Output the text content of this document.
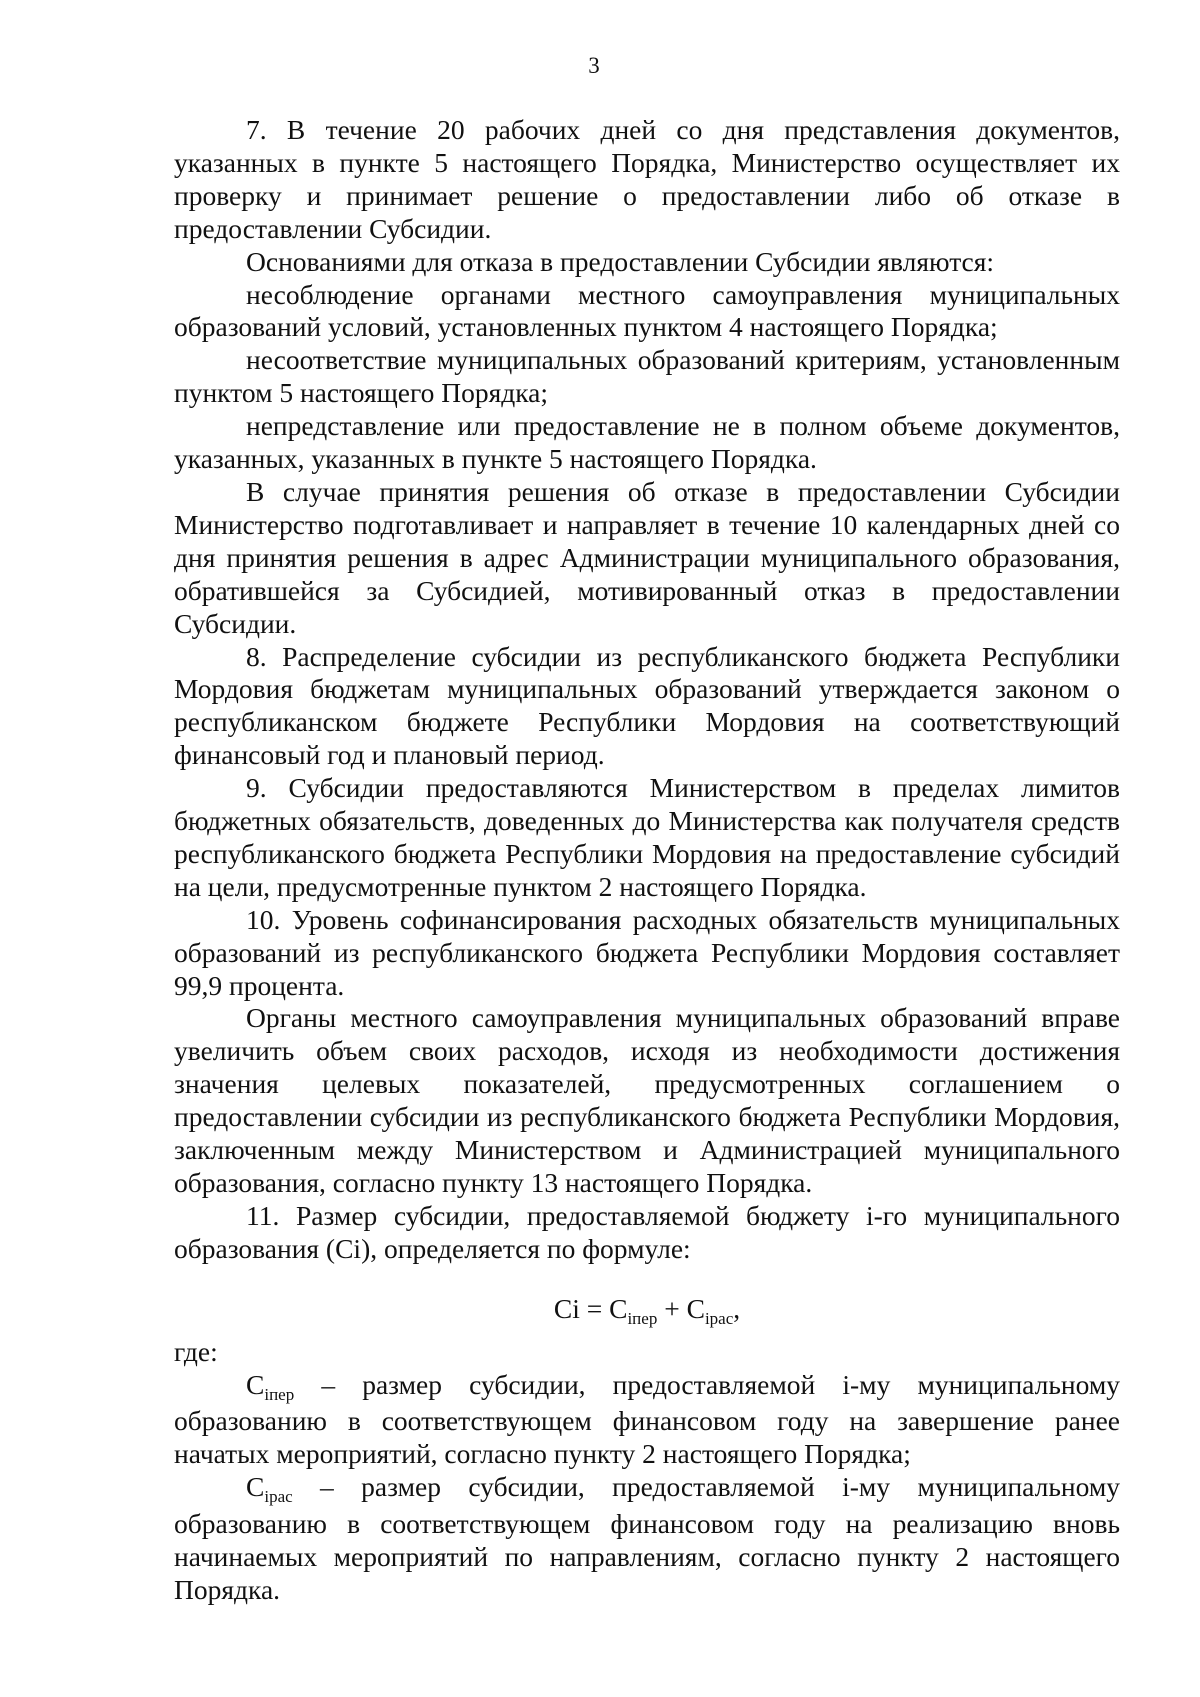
3

7. В течение 20 рабочих дней со дня представления документов, указанных в пункте 5 настоящего Порядка, Министерство осуществляет их проверку и принимает решение о предоставлении либо об отказе в предоставлении Субсидии.

Основаниями для отказа в предоставлении Субсидии являются:

несоблюдение органами местного самоуправления муниципальных образований условий, установленных пунктом 4 настоящего Порядка;

несоответствие муниципальных образований критериям, установленным пунктом 5 настоящего Порядка;

непредставление или предоставление не в полном объеме документов, указанных, указанных в пункте 5 настоящего Порядка.

В случае принятия решения об отказе в предоставлении Субсидии Министерство подготавливает и направляет в течение 10 календарных дней со дня принятия решения в адрес Администрации муниципального образования, обратившейся за Субсидией, мотивированный отказ в предоставлении Субсидии.

8. Распределение субсидии из республиканского бюджета Республики Мордовия бюджетам муниципальных образований утверждается законом о республиканском бюджете Республики Мордовия на соответствующий финансовый год и плановый период.

9. Субсидии предоставляются Министерством в пределах лимитов бюджетных обязательств, доведенных до Министерства как получателя средств республиканского бюджета Республики Мордовия на предоставление субсидий на цели, предусмотренные пунктом 2 настоящего Порядка.

10. Уровень софинансирования расходных обязательств муниципальных образований из республиканского бюджета Республики Мордовия составляет 99,9 процента.

Органы местного самоуправления муниципальных образований вправе увеличить объем своих расходов, исходя из необходимости достижения значения целевых показателей, предусмотренных соглашением о предоставлении субсидии из республиканского бюджета Республики Мордовия, заключенным между Министерством и Администрацией муниципального образования, согласно пункту 13 настоящего Порядка.

11. Размер субсидии, предоставляемой бюджету i-го муниципального образования (Ci), определяется по формуле:

$Ci = C_{iпер} + C_{iрас}$,

где:

$C_{iпер}$ – размер субсидии, предоставляемой i-му муниципальному образованию в соответствующем финансовом году на завершение ранее начатых мероприятий, согласно пункту 2 настоящего Порядка;

$C_{iрас}$ – размер субсидии, предоставляемой i-му муниципальному образованию в соответствующем финансовом году на реализацию вновь начинаемых мероприятий по направлениям, согласно пункту 2 настоящего Порядка.
